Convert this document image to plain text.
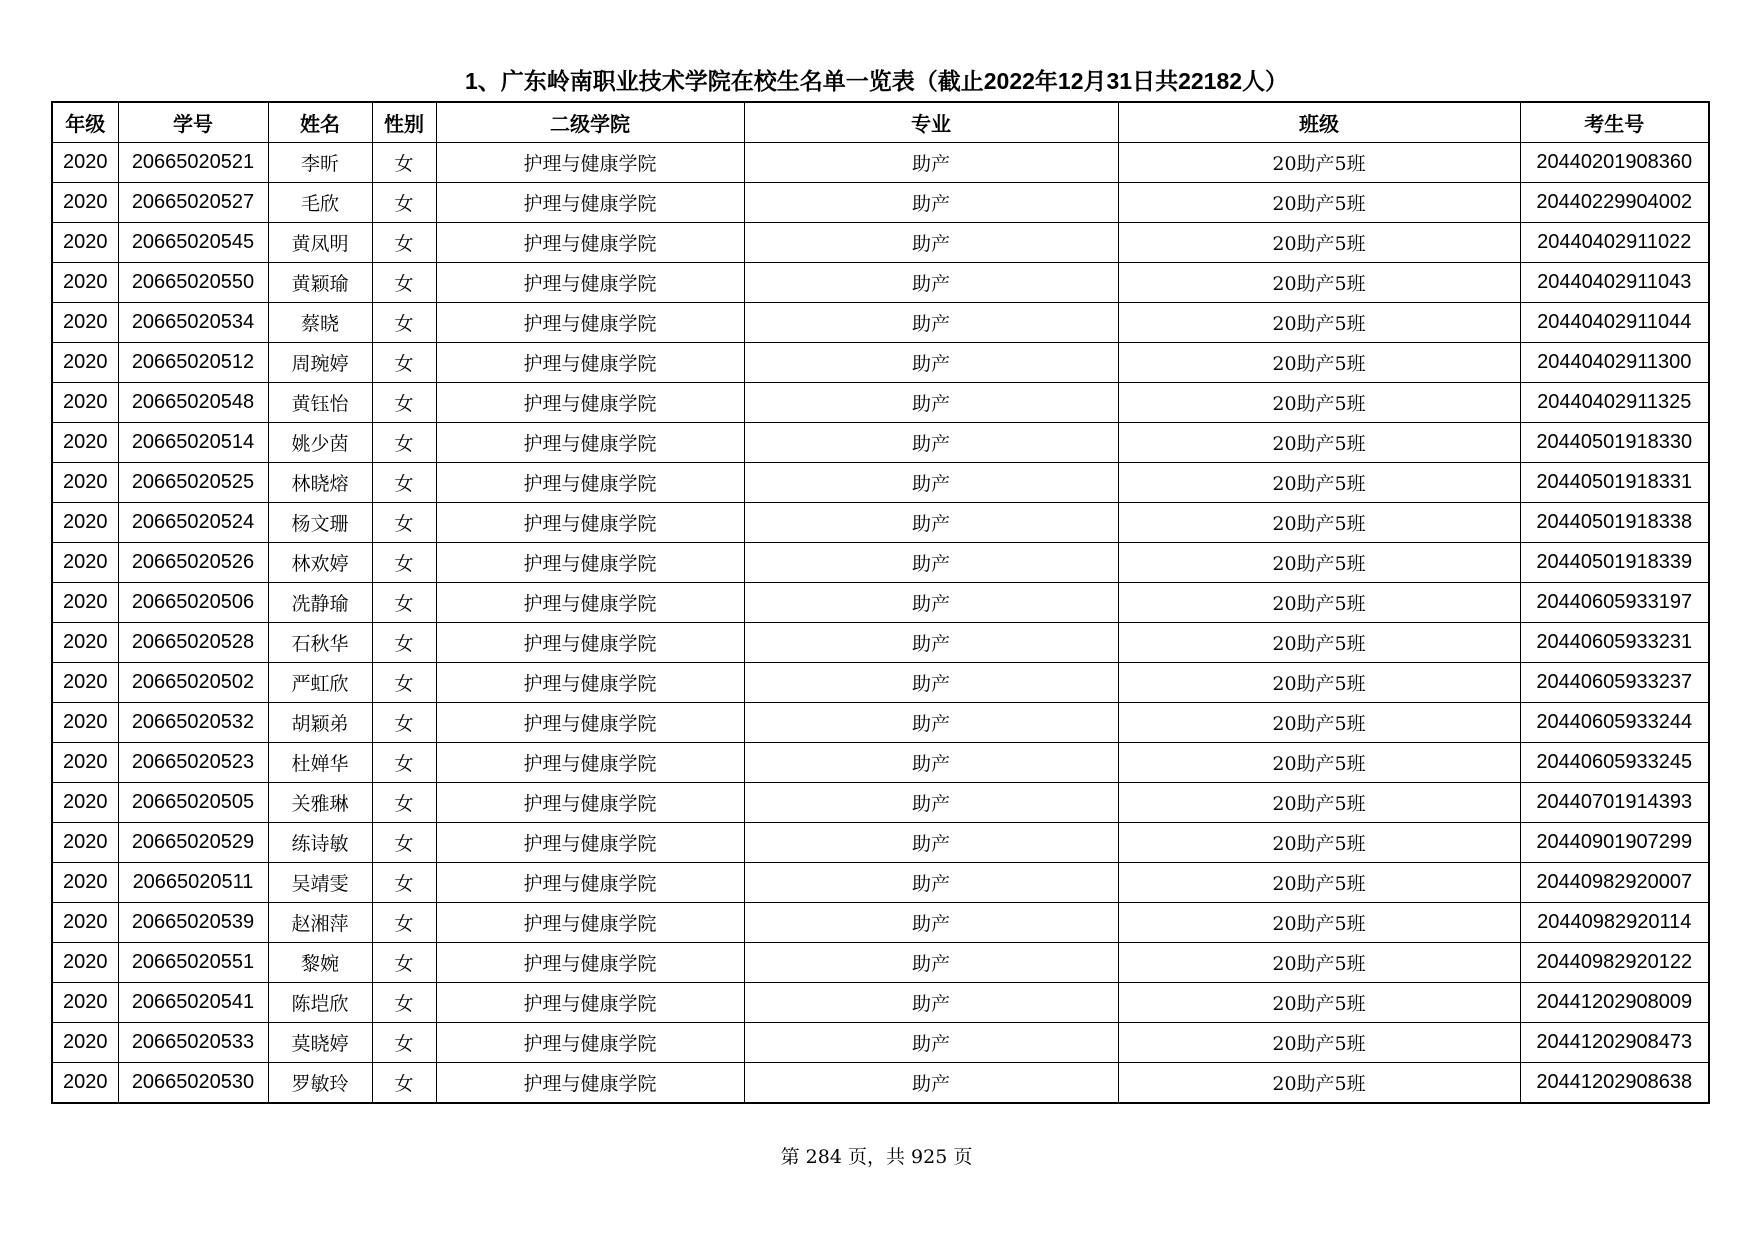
1、广东岭南职业技术学院在校生名单一览表（截止2022年12月31日共22182人）
年级	学号	姓名	性别	二级学院	专业	班级	考生号
2020	20665020521	李昕	女	护理与健康学院	助产	20助产5班	20440201908360
2020	20665020527	毛欣	女	护理与健康学院	助产	20助产5班	20440229904002
2020	20665020545	黄凤明	女	护理与健康学院	助产	20助产5班	20440402911022
2020	20665020550	黄颖瑜	女	护理与健康学院	助产	20助产5班	20440402911043
2020	20665020534	蔡晓	女	护理与健康学院	助产	20助产5班	20440402911044
2020	20665020512	周琬婷	女	护理与健康学院	助产	20助产5班	20440402911300
2020	20665020548	黄钰怡	女	护理与健康学院	助产	20助产5班	20440402911325
2020	20665020514	姚少茵	女	护理与健康学院	助产	20助产5班	20440501918330
2020	20665020525	林晓熔	女	护理与健康学院	助产	20助产5班	20440501918331
2020	20665020524	杨文珊	女	护理与健康学院	助产	20助产5班	20440501918338
2020	20665020526	林欢婷	女	护理与健康学院	助产	20助产5班	20440501918339
2020	20665020506	冼静瑜	女	护理与健康学院	助产	20助产5班	20440605933197
2020	20665020528	石秋华	女	护理与健康学院	助产	20助产5班	20440605933231
2020	20665020502	严虹欣	女	护理与健康学院	助产	20助产5班	20440605933237
2020	20665020532	胡颖弟	女	护理与健康学院	助产	20助产5班	20440605933244
2020	20665020523	杜婵华	女	护理与健康学院	助产	20助产5班	20440605933245
2020	20665020505	关雅琳	女	护理与健康学院	助产	20助产5班	20440701914393
2020	20665020529	练诗敏	女	护理与健康学院	助产	20助产5班	20440901907299
2020	20665020511	吴靖雯	女	护理与健康学院	助产	20助产5班	20440982920007
2020	20665020539	赵湘萍	女	护理与健康学院	助产	20助产5班	20440982920114
2020	20665020551	黎婉	女	护理与健康学院	助产	20助产5班	20440982920122
2020	20665020541	陈垲欣	女	护理与健康学院	助产	20助产5班	20441202908009
2020	20665020533	莫晓婷	女	护理与健康学院	助产	20助产5班	20441202908473
2020	20665020530	罗敏玲	女	护理与健康学院	助产	20助产5班	20441202908638
第 284 页，共 925 页
